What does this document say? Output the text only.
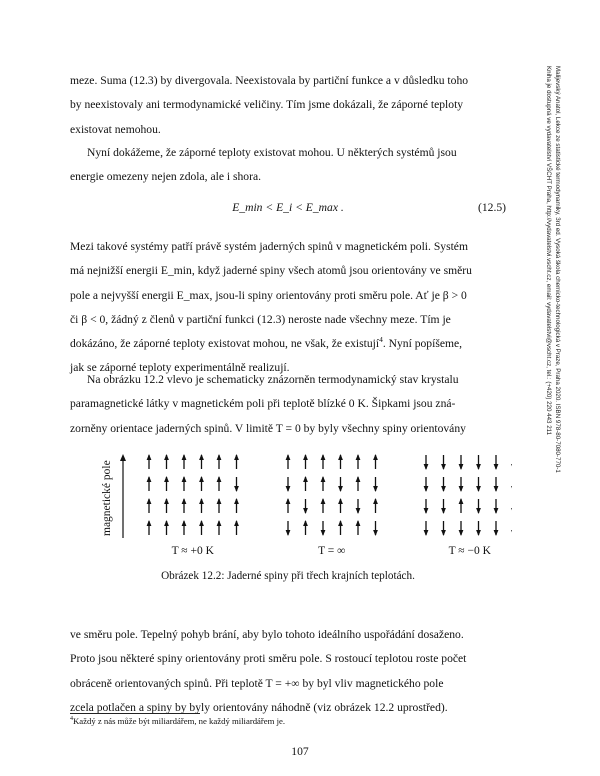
meze. Suma (12.3) by divergovala. Neexistovala by partiční funkce a v důsledku toho
by neexistovaly ani termodynamické veličiny. Tím jsme dokázali, že záporné teploty
existovat nemohou.

Nyní dokážeme, že záporné teploty existovat mohou. U některých systémů jsou
energie omezeny nejen zdola, ale i shora.

E_min < E_i < E_max .	(12.5)

Mezi takové systémy patří právě systém jaderných spinů v magnetickém poli. Systém
má nejnižší energii E_min, když jaderné spiny všech atomů jsou orientovány ve směru
pole a nejvyšší energii E_max, jsou-li spiny orientovány proti směru pole. Ať je β > 0
či β < 0, žádný z členů v partiční funkci (12.3) neroste nade všechny meze. Tím je
dokázáno, že záporné teploty existovat mohou, ne však, že existují$^4$. Nyní popíšeme,
jak se záporné teploty experimentálně realizují.

Na obrázku 12.2 vlevo je schematicky znázorněn termodynamický stav krystalu
paramagnetické látky v magnetickém poli při teplotě blízké 0 K. Šipkami jsou zná-
zorněny orientace jaderných spinů. V limitě T = 0 by byly všechny spiny orientovány

magnetické pole
T ≈ +0 K	T = ∞	T ≈ −0 K
Obrázek 12.2: Jaderné spiny při třech krajních teplotách.

ve směru pole. Tepelný pohyb brání, aby bylo tohoto ideálního uspořádání dosaženo.
Proto jsou některé spiny orientovány proti směru pole. S rostoucí teplotou roste počet
obráceně orientovaných spinů. Při teplotě T = +∞ by byl vliv magnetického pole
zcela potlačen a spiny by byly orientovány náhodně (viz obrázek 12.2 uprostřed).

$^4$Každý z nás může být miliardářem, ne každý miliardářem je.
107
Malijevský Anatol, Lekce ze statistické termodynamiky, 3rd ed. Vysoká škola chemicko-technologická v Praze, Praha 2020. ISBN 978-80-7080-770-1
Kniha je dostupná ve vydavatelství VŠCHT Praha, http://vydavatelstvi.vscht.cz, email: vydavatelstvi@vscht.cz, tel.: (+420) 220 443 211
